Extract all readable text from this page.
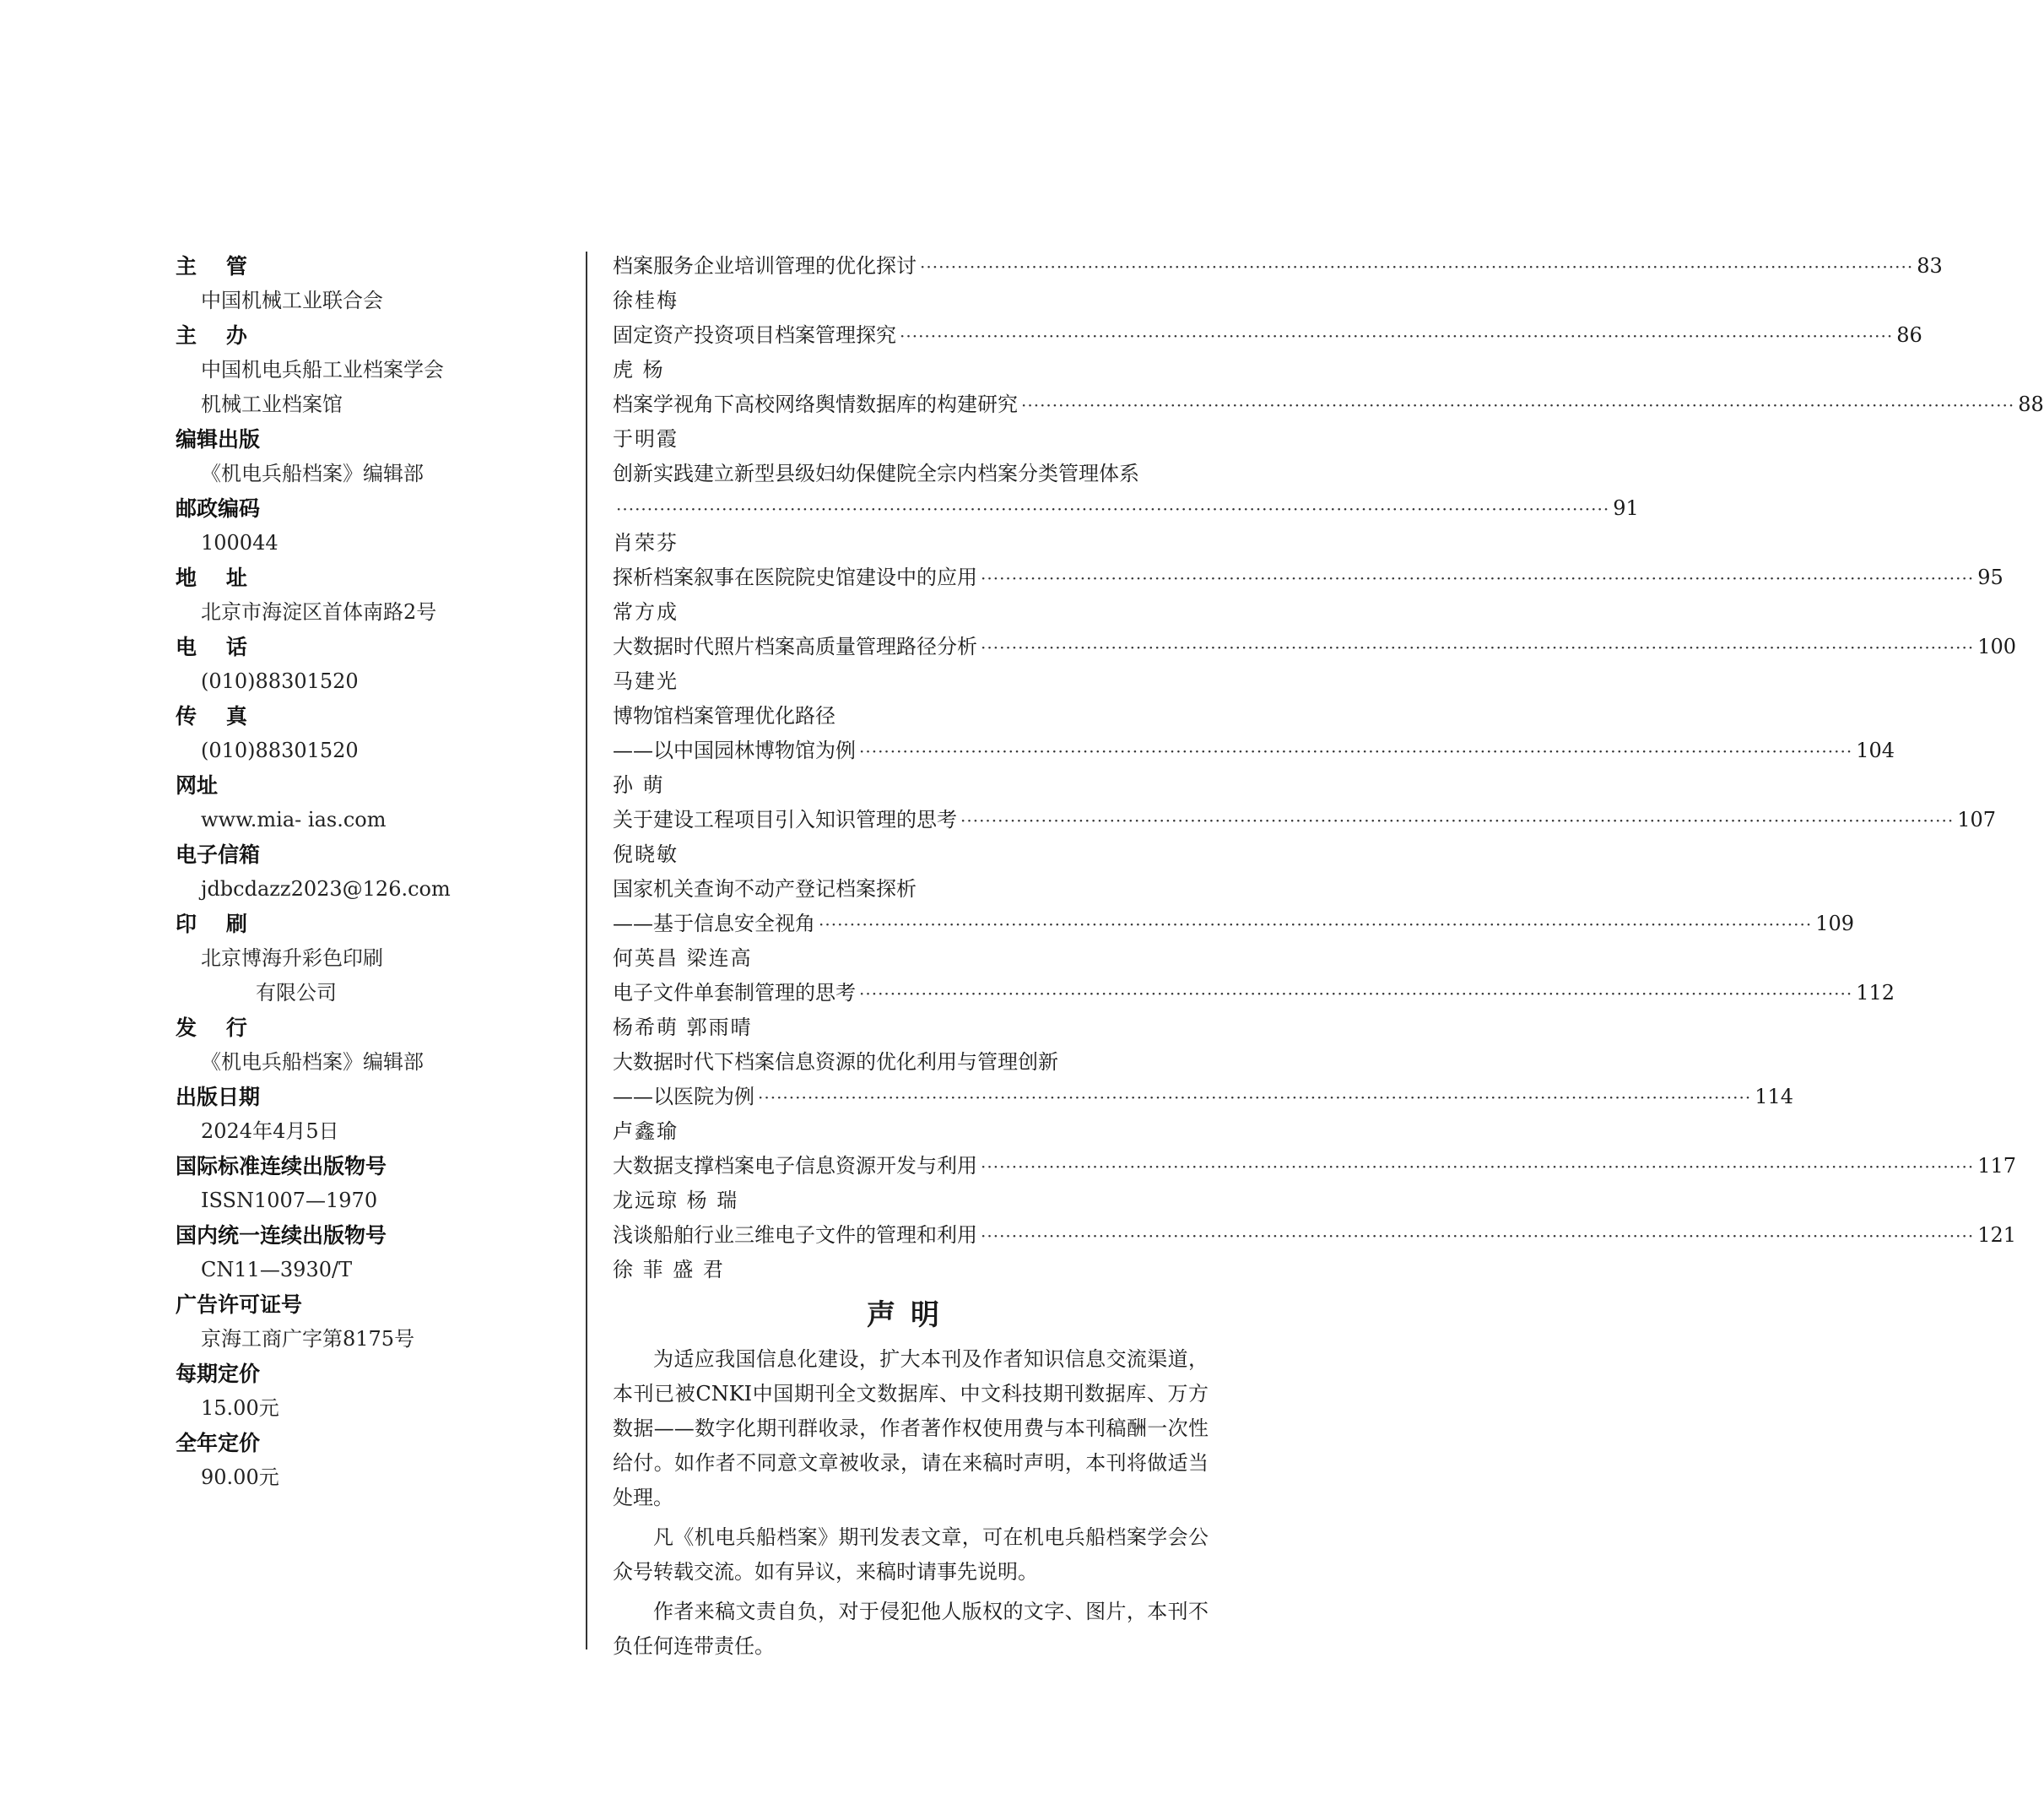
主    管
中国机械工业联合会
主    办
中国机电兵船工业档案学会
机械工业档案馆
编辑出版
《机电兵船档案》编辑部
邮政编码
100044
地    址
北京市海淀区首体南路2号
电    话
(010)88301520
传    真
(010)88301520
网址
www.mia- ias.com
电子信箱
jdbcdazz2023@126.com
印    刷
北京博海升彩色印刷
有限公司
发    行
《机电兵船档案》编辑部
出版日期
2024年4月5日
国际标准连续出版物号
ISSN1007—1970
国内统一连续出版物号
CN11—3930/T
广告许可证号
京海工商广字第8175号
每期定价
15.00元
全年定价
90.00元
档案服务企业培训管理的优化探讨 ································································································································································ 83
徐桂梅
固定资产投资项目档案管理探究 ································································································································································ 86
虎 杨
档案学视角下高校网络舆情数据库的构建研究 ································································································································································ 88
于明霞
创新实践建立新型县级妇幼保健院全宗内档案分类管理体系
································································································································································ 91
肖荣芬
探析档案叙事在医院院史馆建设中的应用 ································································································································································ 95
常方成
大数据时代照片档案高质量管理路径分析 ································································································································································ 100
马建光
博物馆档案管理优化路径
——以中国园林博物馆为例 ································································································································································ 104
孙 萌
关于建设工程项目引入知识管理的思考 ································································································································································ 107
倪晓敏
国家机关查询不动产登记档案探析
——基于信息安全视角 ································································································································································ 109
何英昌 梁连高
电子文件单套制管理的思考 ································································································································································ 112
杨希萌 郭雨晴
大数据时代下档案信息资源的优化利用与管理创新
——以医院为例 ································································································································································ 114
卢鑫瑜
大数据支撑档案电子信息资源开发与利用 ································································································································································ 117
龙远琼 杨 瑞
浅谈船舶行业三维电子文件的管理和利用 ································································································································································ 121
徐 菲 盛 君
声明

为适应我国信息化建设，扩大本刊及作者知识信息交流渠道，本刊已被CNKI中国期刊全文数据库、中文科技期刊数据库、万方数据——数字化期刊群收录，作者著作权使用费与本刊稿酬一次性给付。如作者不同意文章被收录，请在来稿时声明，本刊将做适当处理。

凡《机电兵船档案》期刊发表文章，可在机电兵船档案学会公众号转载交流。如有异议，来稿时请事先说明。

作者来稿文责自负，对于侵犯他人版权的文字、图片，本刊不负任何连带责任。
